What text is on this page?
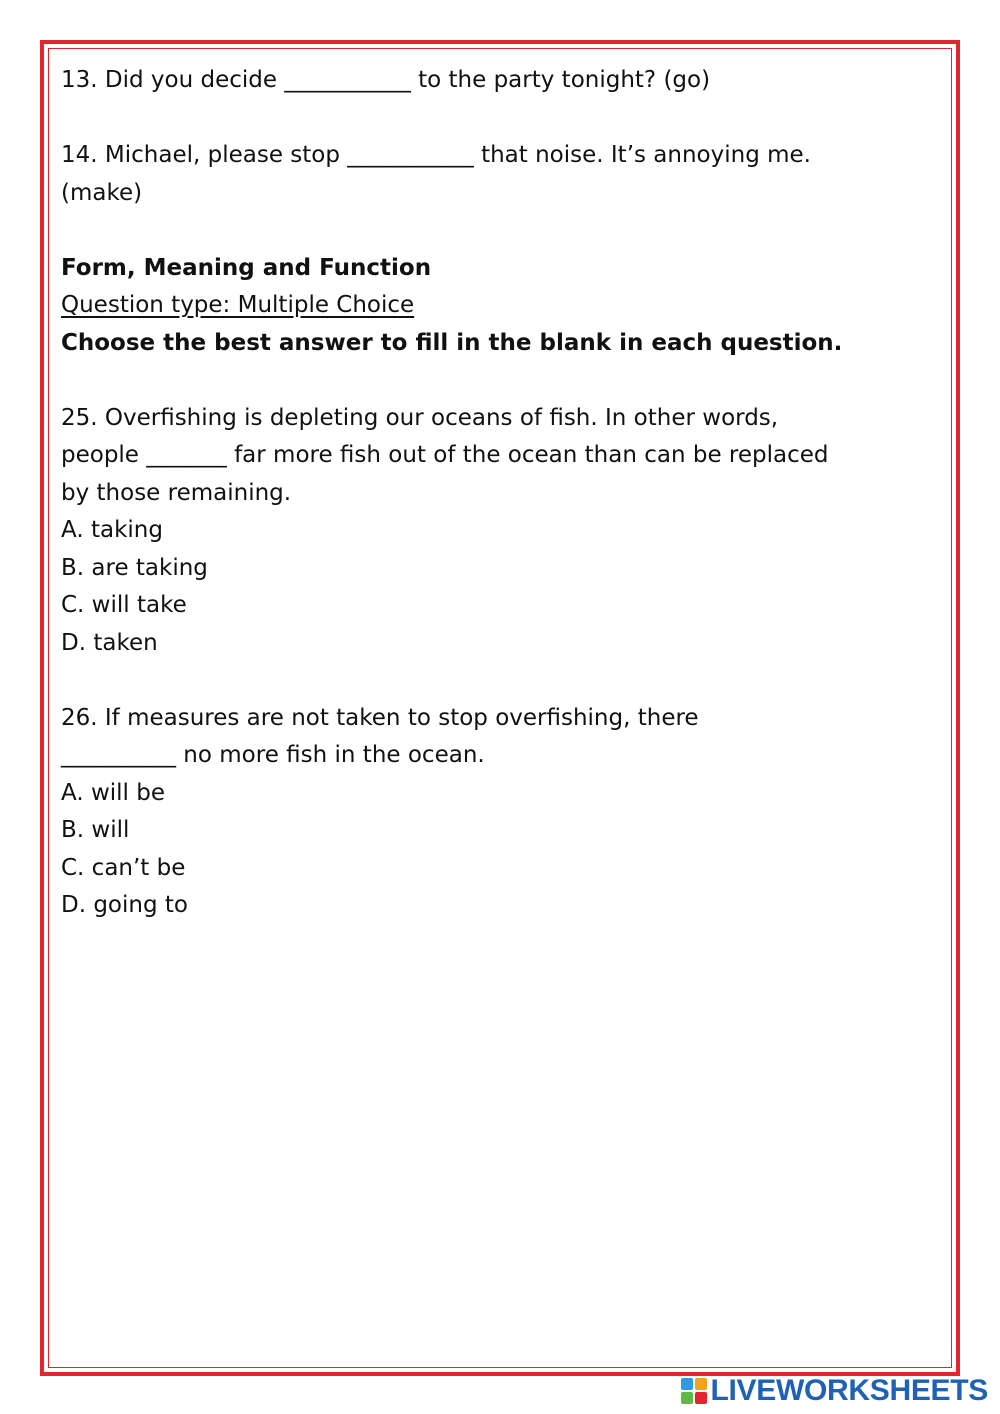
13. Did you decide ___________ to the party tonight? (go)
14. Michael, please stop ___________ that noise. It’s annoying me.
(make)
Form, Meaning and Function
Question type: Multiple Choice
Choose the best answer to fill in the blank in each question.
25. Overfishing is depleting our oceans of fish. In other words,
people _______ far more fish out of the ocean than can be replaced
by those remaining.
A. taking
B. are taking
C. will take
D. taken
26. If measures are not taken to stop overfishing, there
__________ no more fish in the ocean.
A. will be
B. will
C. can’t be
D. going to
LIVEWORKSHEETS
